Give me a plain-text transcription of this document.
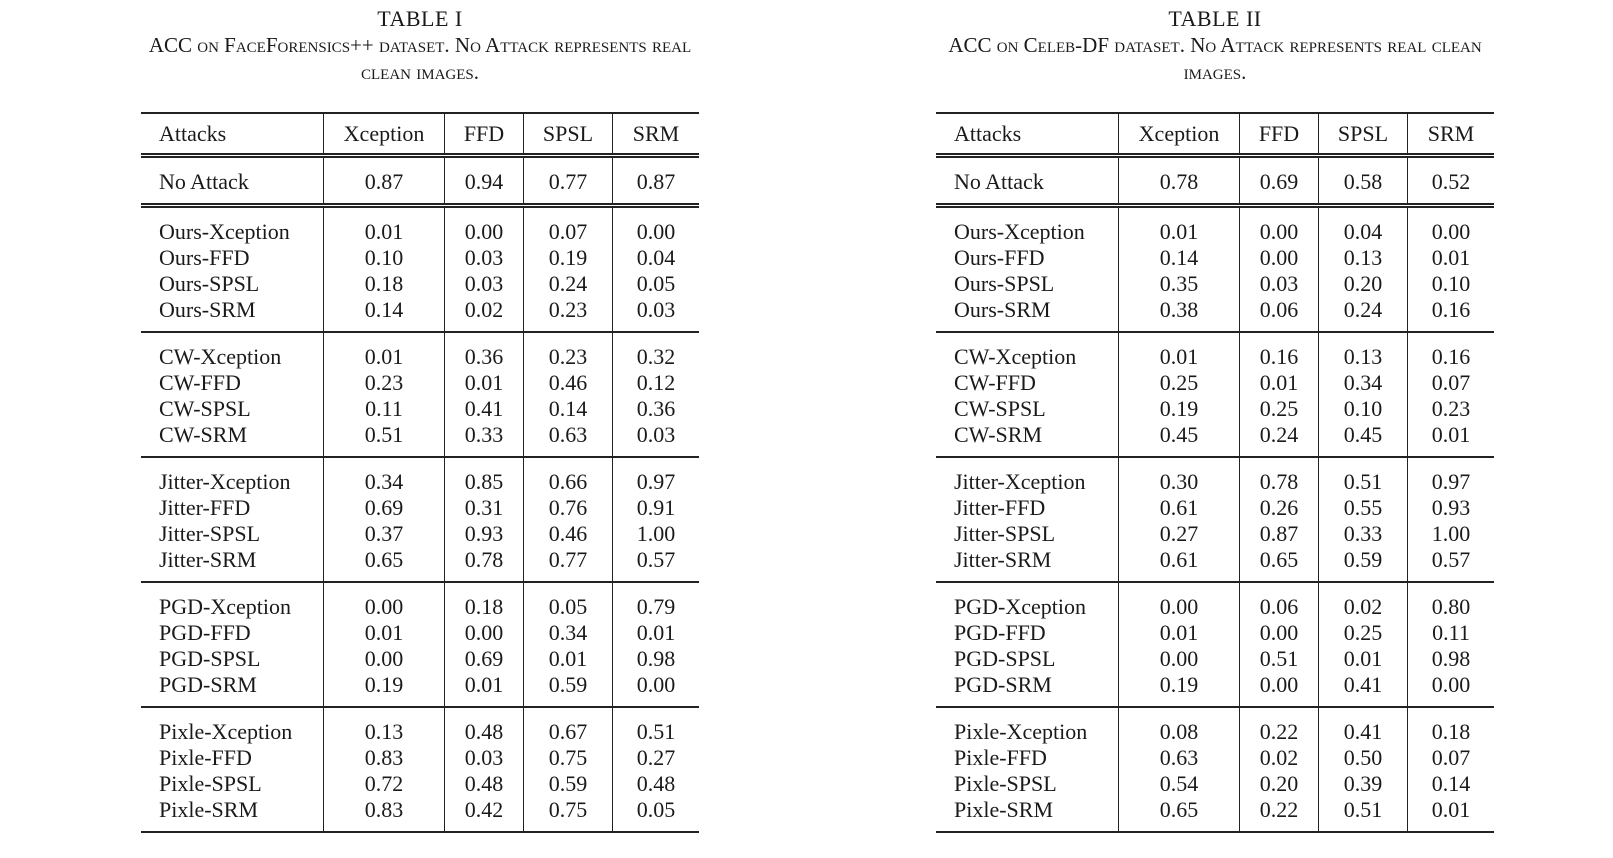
TABLE I
ACC on FaceForensics++ dataset. No Attack represents real
clean images.
Attacks	Xception	FFD	SPSL	SRM
No Attack	0.87	0.94	0.77	0.87
Ours-Xception	0.01	0.00	0.07	0.00
Ours-FFD	0.10	0.03	0.19	0.04
Ours-SPSL	0.18	0.03	0.24	0.05
Ours-SRM	0.14	0.02	0.23	0.03
CW-Xception	0.01	0.36	0.23	0.32
CW-FFD	0.23	0.01	0.46	0.12
CW-SPSL	0.11	0.41	0.14	0.36
CW-SRM	0.51	0.33	0.63	0.03
Jitter-Xception	0.34	0.85	0.66	0.97
Jitter-FFD	0.69	0.31	0.76	0.91
Jitter-SPSL	0.37	0.93	0.46	1.00
Jitter-SRM	0.65	0.78	0.77	0.57
PGD-Xception	0.00	0.18	0.05	0.79
PGD-FFD	0.01	0.00	0.34	0.01
PGD-SPSL	0.00	0.69	0.01	0.98
PGD-SRM	0.19	0.01	0.59	0.00
Pixle-Xception	0.13	0.48	0.67	0.51
Pixle-FFD	0.83	0.03	0.75	0.27
Pixle-SPSL	0.72	0.48	0.59	0.48
Pixle-SRM	0.83	0.42	0.75	0.05
TABLE II
ACC on Celeb-DF dataset. No Attack represents real clean
images.
Attacks	Xception	FFD	SPSL	SRM
No Attack	0.78	0.69	0.58	0.52
Ours-Xception	0.01	0.00	0.04	0.00
Ours-FFD	0.14	0.00	0.13	0.01
Ours-SPSL	0.35	0.03	0.20	0.10
Ours-SRM	0.38	0.06	0.24	0.16
CW-Xception	0.01	0.16	0.13	0.16
CW-FFD	0.25	0.01	0.34	0.07
CW-SPSL	0.19	0.25	0.10	0.23
CW-SRM	0.45	0.24	0.45	0.01
Jitter-Xception	0.30	0.78	0.51	0.97
Jitter-FFD	0.61	0.26	0.55	0.93
Jitter-SPSL	0.27	0.87	0.33	1.00
Jitter-SRM	0.61	0.65	0.59	0.57
PGD-Xception	0.00	0.06	0.02	0.80
PGD-FFD	0.01	0.00	0.25	0.11
PGD-SPSL	0.00	0.51	0.01	0.98
PGD-SRM	0.19	0.00	0.41	0.00
Pixle-Xception	0.08	0.22	0.41	0.18
Pixle-FFD	0.63	0.02	0.50	0.07
Pixle-SPSL	0.54	0.20	0.39	0.14
Pixle-SRM	0.65	0.22	0.51	0.01
